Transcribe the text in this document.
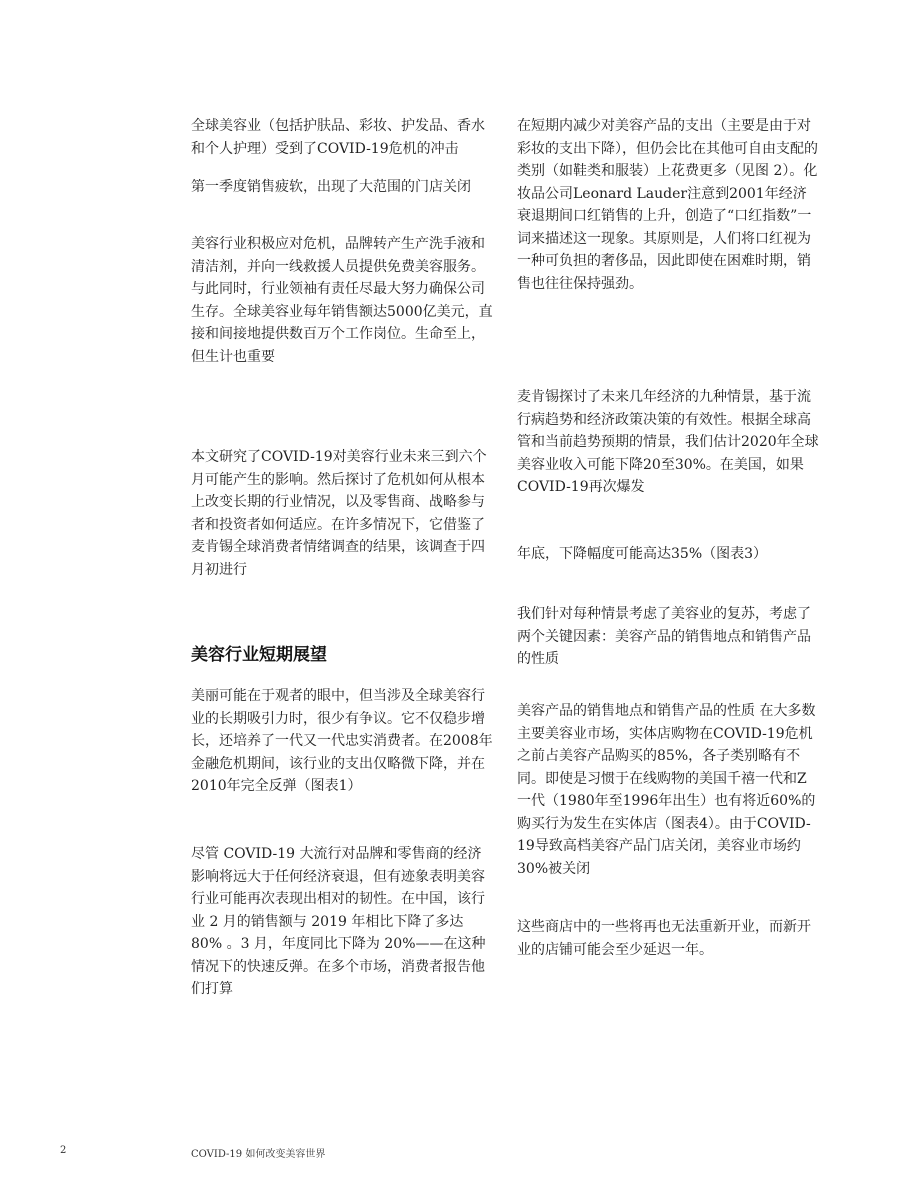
全球美容业（包括护肤品、彩妆、护发品、香水和个人护理）受到了COVID-19危机的冲击

第一季度销售疲软，出现了大范围的门店关闭

美容行业积极应对危机，品牌转产生产洗手液和清洁剂，并向一线救援人员提供免费美容服务。与此同时，行业领袖有责任尽最大努力确保公司生存。全球美容业每年销售额达5000亿美元，直接和间接地提供数百万个工作岗位。生命至上，但生计也重要

本文研究了COVID-19对美容行业未来三到六个月可能产生的影响。然后探讨了危机如何从根本上改变长期的行业情况，以及零售商、战略参与者和投资者如何适应。在许多情况下，它借鉴了麦肯锡全球消费者情绪调查的结果，该调查于四月初进行

美容行业短期展望

美丽可能在于观者的眼中，但当涉及全球美容行业的长期吸引力时，很少有争议。它不仅稳步增长，还培养了一代又一代忠实消费者。在2008年金融危机期间，该行业的支出仅略微下降，并在2010年完全反弹（图表1）

尽管 COVID-19 大流行对品牌和零售商的经济影响将远大于任何经济衰退，但有迹象表明美容行业可能再次表现出相对的韧性。在中国，该行业 2 月的销售额与 2019 年相比下降了多达 80% 。3 月，年度同比下降为 20%——在这种情况下的快速反弹。在多个市场，消费者报告他们打算

在短期内减少对美容产品的支出（主要是由于对彩妆的支出下降），但仍会比在其他可自由支配的类别（如鞋类和服装）上花费更多（见图 2）。化妆品公司Leonard Lauder注意到2001年经济衰退期间口红销售的上升，创造了“口红指数”一词来描述这一现象。其原则是，人们将口红视为一种可负担的奢侈品，因此即使在困难时期，销售也往往保持强劲。

麦肯锡探讨了未来几年经济的九种情景，基于流行病趋势和经济政策决策的有效性。根据全球高管和当前趋势预期的情景，我们估计2020年全球美容业收入可能下降20至30%。在美国，如果COVID-19再次爆发

年底，下降幅度可能高达35%（图表3）

我们针对每种情景考虑了美容业的复苏，考虑了两个关键因素：美容产品的销售地点和销售产品的性质

美容产品的销售地点和销售产品的性质 在大多数主要美容业市场，实体店购物在COVID-19危机之前占美容产品购买的85%，各子类别略有不同。即使是习惯于在线购物的美国千禧一代和Z一代（1980年至1996年出生）也有将近60%的购买行为发生在实体店（图表4）。由于COVID-19导致高档美容产品门店关闭，美容业市场约30%被关闭

这些商店中的一些将再也无法重新开业，而新开业的店铺可能会至少延迟一年。

2	COVID-19 如何改变美容世界
